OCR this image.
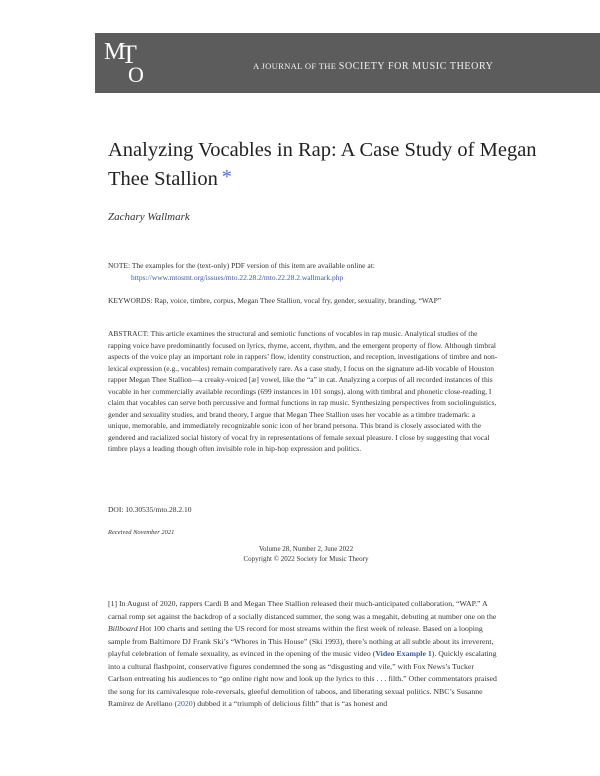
A JOURNAL OF THE SOCIETY FOR MUSIC THEORY
M
T
O
Analyzing Vocables in Rap: A Case Study of Megan Thee Stallion *
Zachary Wallmark
NOTE: The examples for the (text-only) PDF version of this item are available online at:
https://www.mtosmt.org/issues/mto.22.28.2/mto.22.28.2.wallmark.php
KEYWORDS: Rap, voice, timbre, corpus, Megan Thee Stallion, vocal fry, gender, sexuality, branding, “WAP”
ABSTRACT: This article examines the structural and semiotic functions of vocables in rap music. Analytical studies of the rapping voice have predominantly focused on lyrics, rhyme, accent, rhythm, and the emergent property of flow. Although timbral aspects of the voice play an important role in rappers’ flow, identity construction, and reception, investigations of timbre and non-lexical expression (e.g., vocables) remain comparatively rare. As a case study, I focus on the signature ad-lib vocable of Houston rapper Megan Thee Stallion—a creaky-voiced [æ] vowel, like the “a” in cat. Analyzing a corpus of all recorded instances of this vocable in her commercially available recordings (699 instances in 101 songs), along with timbral and phonetic close-reading, I claim that vocables can serve both percussive and formal functions in rap music. Synthesizing perspectives from sociolinguistics, gender and sexuality studies, and brand theory, I argue that Megan Thee Stallion uses her vocable as a timbre trademark: a unique, memorable, and immediately recognizable sonic icon of her brand persona. This brand is closely associated with the gendered and racialized social history of vocal fry in representations of female sexual pleasure. I close by suggesting that vocal timbre plays a leading though often invisible role in hip-hop expression and politics.
DOI: 10.30535/mto.28.2.10
Received November 2021
Volume 28, Number 2, June 2022
Copyright © 2022 Society for Music Theory
[1] In August of 2020, rappers Cardi B and Megan Thee Stallion released their much-anticipated collaboration, “WAP.” A carnal romp set against the backdrop of a socially distanced summer, the song was a megahit, debuting at number one on the Billboard Hot 100 charts and setting the US record for most streams within the first week of release. Based on a looping sample from Baltimore DJ Frank Ski’s “Whores in This House” (Ski 1993), there’s nothing at all subtle about its irreverent, playful celebration of female sexuality, as evinced in the opening of the music video (Video Example 1). Quickly escalating into a cultural flashpoint, conservative figures condemned the song as “disgusting and vile,” with Fox News’s Tucker Carlson entreating his audiences to “go online right now and look up the lyrics to this . . . filth.” Other commentators praised the song for its carnivalesque role-reversals, gleeful demolition of taboos, and liberating sexual politics. NBC’s Susanne Ramírez de Arellano (2020) dubbed it a “triumph of delicious filth” that is “as honest and
